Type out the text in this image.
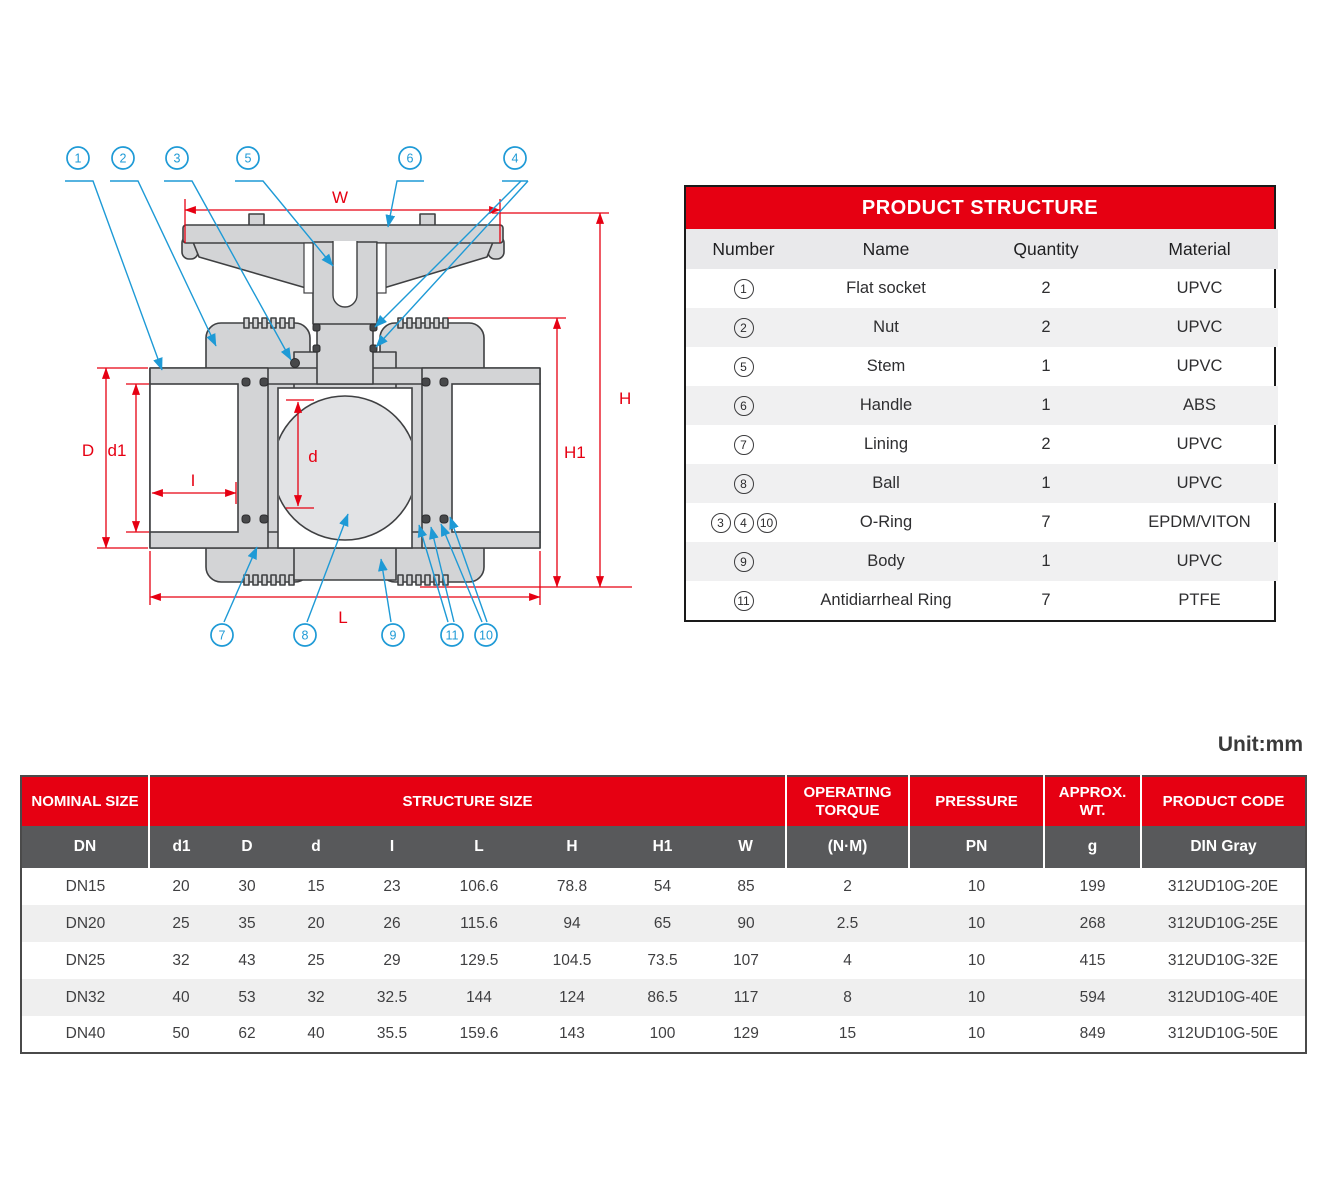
W
H
H1
D d1
I
d
L
1	2	3	5	6	4
7	8	9	11 10
PRODUCT STRUCTURE
Number	Name	Quantity	Material
1	Flat socket	2	UPVC
2	Nut	2	UPVC
5	Stem	1	UPVC
6	Handle	1	ABS
7	Lining	2	UPVC
8	Ball	1	UPVC
3 4 10	O-Ring	7	EPDM/VITON
9	Body	1	UPVC
11	Antidiarrheal Ring	7	PTFE
Unit:mm
NOMINAL SIZE	STRUCTURE SIZE								OPERATING TORQUE	PRESSURE	APPROX. WT.	PRODUCT CODE
DN	d1	D	d	I	L	H	H1	W	(N·M)	PN	g	DIN Gray
DN15	20	30	15	23	106.6	78.8	54	85	2	10	199	312UD10G-20E
DN20	25	35	20	26	115.6	94	65	90	2.5	10	268	312UD10G-25E
DN25	32	43	25	29	129.5	104.5	73.5	107	4	10	415	312UD10G-32E
DN32	40	53	32	32.5	144	124	86.5	117	8	10	594	312UD10G-40E
DN40	50	62	40	35.5	159.6	143	100	129	15	10	849	312UD10G-50E
